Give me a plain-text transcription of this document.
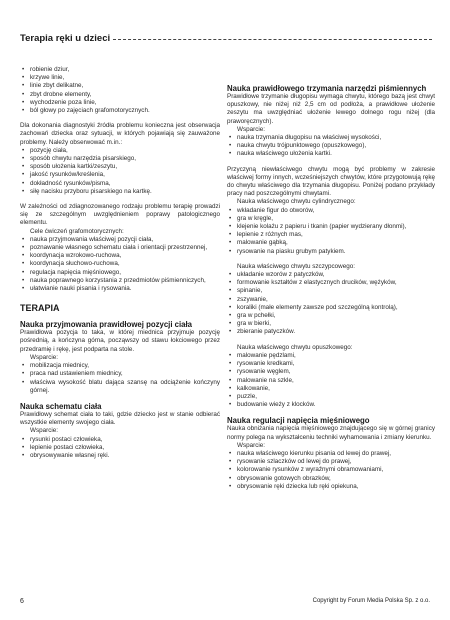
Terapia ręki u dzieci
• robienie dziur,
• krzywe linie,
• linie zbyt delikatne,
• zbyt drobne elementy,
• wychodzenie poza linie,
• ból głowy po zajęciach grafomotorycznych.

Dla dokonania diagnostyki źródła problemu konieczna jest obserwacja zachowań dziecka oraz sytuacji, w których pojawiają się zauważone problemy. Należy obserwować m.in.:

• pozycję ciała,
• sposób chwytu narzędzia pisarskiego,
• sposób ułożenia kartki/zeszytu,
• jakość rysunków/kreślenia,
• dokładność rysunków/pisma,
• siłę nacisku przyboru pisarskiego na kartkę.

W zależności od zdiagnozowanego rodzaju problemu terapię prowadzi się ze szczególnym uwzględnieniem poprawy patologicznego elementu.

Cele ćwiczeń grafomotorycznych:

• nauka przyjmowania właściwej pozycji ciała,
• poznawanie własnego schematu ciała i orientacji przestrzennej,
• koordynacja wzrokowo-ruchowa,
• koordynacja słuchowo-ruchowa,
• regulacja napięcia mięśniowego,
• nauka poprawnego korzystania z przedmiotów piśmienniczych,
• ułatwianie nauki pisania i rysowania.
TERAPIA
Nauka przyjmowania prawidłowej pozycji ciała

Prawidłowa pozycja to taka, w której miednica przyjmuje pozycję pośrednią, a kończyna górna, począwszy od stawu łokciowego przez przedramię i rękę, jest podparta na stole.

Wsparcie:

• mobilizacja miednicy,
• praca nad ustawieniem miednicy,
• właściwa wysokość blatu dająca szansę na odciążenie kończyny górnej.
Nauka schematu ciała

Prawidłowy schemat ciała to taki, gdzie dziecko jest w stanie odbierać wszystkie elementy swojego ciała.

Wsparcie:

• rysunki postaci człowieka,
• lepienie postaci człowieka,
• obrysowywanie własnej ręki.
Nauka prawidłowego trzymania narzędzi piśmiennych

Prawidłowe trzymanie długopisu wymaga chwytu, którego bazą jest chwyt opuszkowy, nie niżej niż 2,5 cm od podłoża, a prawidłowe ułożenie zeszytu ma uwzględniać ułożenie lewego dolnego rogu niżej (dla praworęcznych).

Wsparcie:

• nauka trzymania długopisu na właściwej wysokości,
• nauka chwytu trójpunktowego (opuszkowego),
• nauka właściwego ułożenia kartki.

Przyczyną niewłaściwego chwytu mogą być problemy w zakresie właściwej formy innych, wcześniejszych chwytów, które przygotowują rękę do chwytu właściwego dla trzymania długopisu. Poniżej podano przykłady pracy nad poszczególnymi chwytami.

Nauka właściwego chwytu cylindrycznego:

• wkładanie figur do otworów,
• gra w kręgle,
• klejenie kolażu z papieru i tkanin (papier wydzierany dłonmi),
• lepienie z różnych mas,
• malowanie gąbką,
• rysowanie na piasku grubym patykiem.

Nauka właściwego chwytu szczypcowego:

• układanie wzorów z patyczków,
• formowanie kształtów z elastycznych drucików, wężyków,
• spinanie,
• zszywanie,
• koraliki (małe elementy zawsze pod szczególną kontrolą),
• gra w pchełki,
• gra w bierki,
• zbieranie patyczków.

Nauka właściwego chwytu opuszkowego:

• malowanie pędzlami,
• rysowanie kredkami,
• rysowanie węglem,
• malowanie na szkle,
• kalkowanie,
• puzzle,
• budowanie wieży z klocków.
Nauka regulacji napięcia mięśniowego

Nauka obniżania napięcia mięśniowego znajdującego się w górnej granicy normy polega na wykształceniu techniki wyhamowania i zmiany kierunku.

Wsparcie:

• nauka właściwego kierunku pisania od lewej do prawej,
• rysowanie szlaczków od lewej do prawej,
• kolorowanie rysunków z wyraźnymi obramowaniami,
• obrysowanie gotowych obrazków,
• obrysowanie ręki dziecka lub ręki opiekuna,
6	Copyright by Forum Media Polska Sp. z o.o.
